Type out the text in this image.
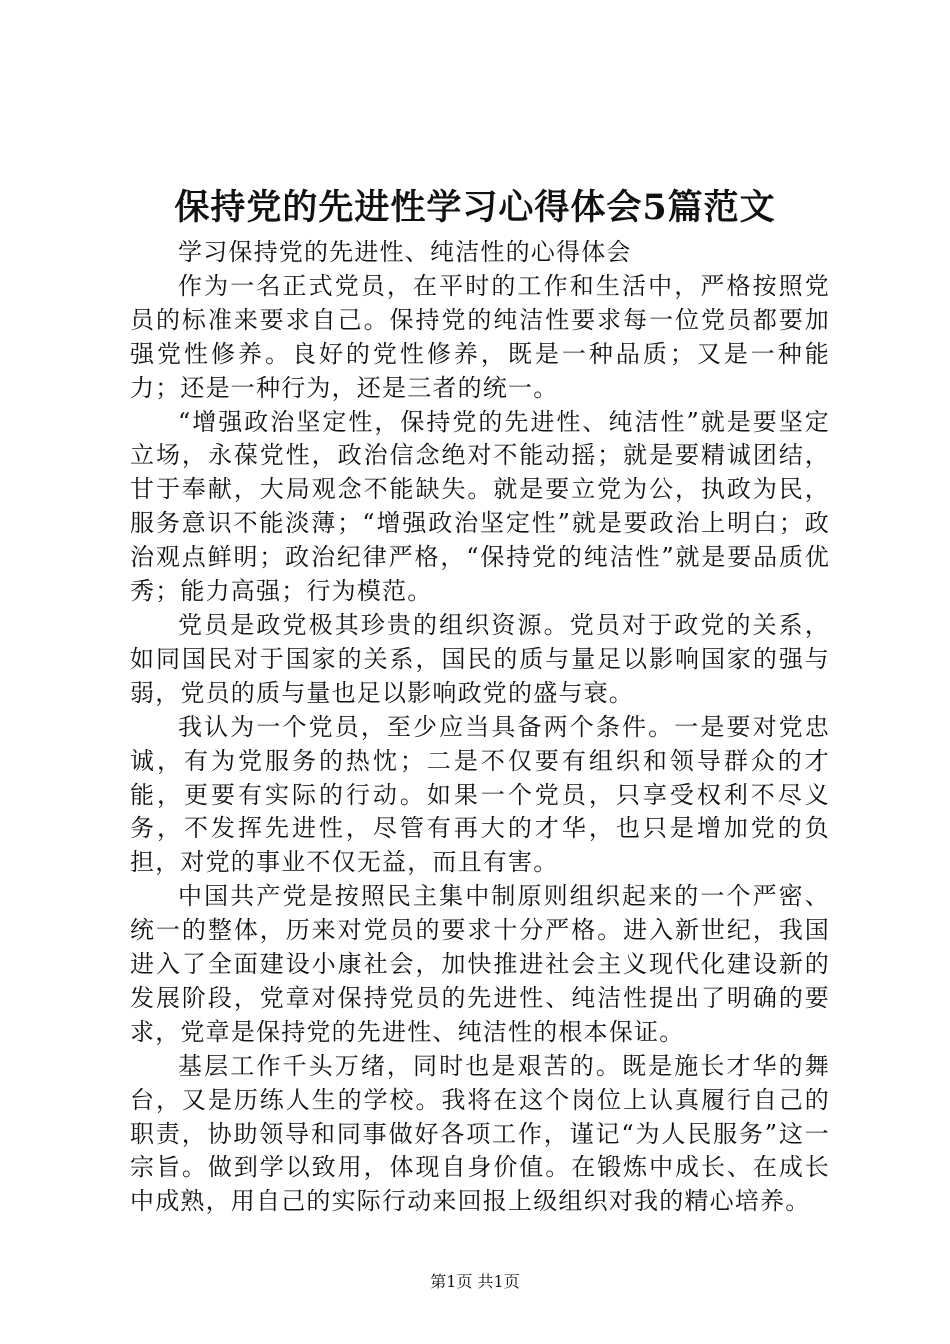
保持党的先进性学习心得体会5篇范文

学习保持党的先进性、纯洁性的心得体会

作为一名正式党员，在平时的工作和生活中，严格按照党员的标准来要求自己。保持党的纯洁性要求每一位党员都要加强党性修养。良好的党性修养，既是一种品质；又是一种能力；还是一种行为，还是三者的统一。

“增强政治坚定性，保持党的先进性、纯洁性”就是要坚定立场，永葆党性，政治信念绝对不能动摇；就是要精诚团结，甘于奉献，大局观念不能缺失。就是要立党为公，执政为民，服务意识不能淡薄；“增强政治坚定性”就是要政治上明白；政治观点鲜明；政治纪律严格，“保持党的纯洁性”就是要品质优秀；能力高强；行为模范。

党员是政党极其珍贵的组织资源。党员对于政党的关系，如同国民对于国家的关系，国民的质与量足以影响国家的强与弱，党员的质与量也足以影响政党的盛与衰。

我认为一个党员，至少应当具备两个条件。一是要对党忠诚，有为党服务的热忱；二是不仅要有组织和领导群众的才能，更要有实际的行动。如果一个党员，只享受权利不尽义务，不发挥先进性，尽管有再大的才华，也只是增加党的负担，对党的事业不仅无益，而且有害。

中国共产党是按照民主集中制原则组织起来的一个严密、统一的整体，历来对党员的要求十分严格。进入新世纪，我国进入了全面建设小康社会，加快推进社会主义现代化建设新的发展阶段，党章对保持党员的先进性、纯洁性提出了明确的要求，党章是保持党的先进性、纯洁性的根本保证。

基层工作千头万绪，同时也是艰苦的。既是施长才华的舞台，又是历练人生的学校。我将在这个岗位上认真履行自己的职责，协助领导和同事做好各项工作，谨记“为人民服务”这一宗旨。做到学以致用，体现自身价值。在锻炼中成长、在成长中成熟，用自己的实际行动来回报上级组织对我的精心培养。

第1页 共1页
